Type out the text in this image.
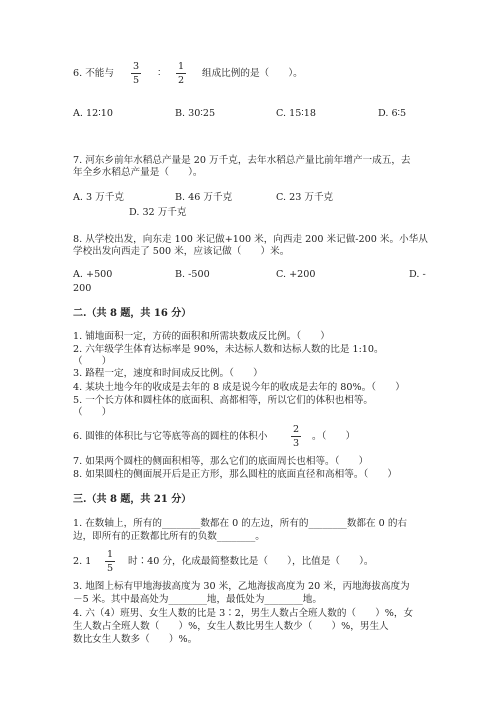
6. 不能与
3
5
∶
1
2
组成比例的是（　　）。
A. 12∶10	B. 30∶25	C. 15∶18	D. 6∶5
7. 河东乡前年水稻总产量是 20 万千克，去年水稻总产量比前年增产一成五，去
年全乡水稻总产量是（　　）。
A. 3 万千克	B. 46 万千克	C. 23 万千克
D. 32 万千克
8. 从学校出发，向东走 100 米记做+100 米，向西走 200 米记做-200 米。小华从
学校出发向西走了 500 米，应该记做（　　）米。
A. +500	B. -500	C. +200	D. -
200
二.（共 8 题，共 16 分）
1. 铺地面积一定，方砖的面积和所需块数成反比例。（　　）
2. 六年级学生体育达标率是 90%，未达标人数和达标人数的比是 1:10。
（　　）
3. 路程一定，速度和时间成反比例。（　　）
4. 某块土地今年的收成是去年的 8 成是说今年的收成是去年的 80%。（　　）
5. 一个长方体和圆柱体的底面积、高都相等，所以它们的体积也相等。
（　　）
6. 圆锥的体积比与它等底等高的圆柱的体积小
2
3
。（　　）
7. 如果两个圆柱的侧面积相等，那么它们的底面周长也相等。（　　）
8. 如果圆柱的侧面展开后是正方形，那么圆柱的底面直径和高相等。（　　）
三.（共 8 题，共 21 分）
1. 在数轴上，所有的________数都在 0 的左边，所有的________数都在 0 的右
边，即所有的正数都比所有的负数________。
2. 1
1
5
时∶40 分，化成最简整数比是（　　），比值是（　　）。
3. 地图上标有甲地海拔高度为 30 米，乙地海拔高度为 20 米，丙地海拔高度为
－5 米。其中最高处为________地，最低处为________地。
4. 六（4）班男、女生人数的比是 3∶2，男生人数占全班人数的（　　）%，女
生人数占全班人数（　　）%，女生人数比男生人数少（　　）%，男生人
数比女生人数多（　　）%。
